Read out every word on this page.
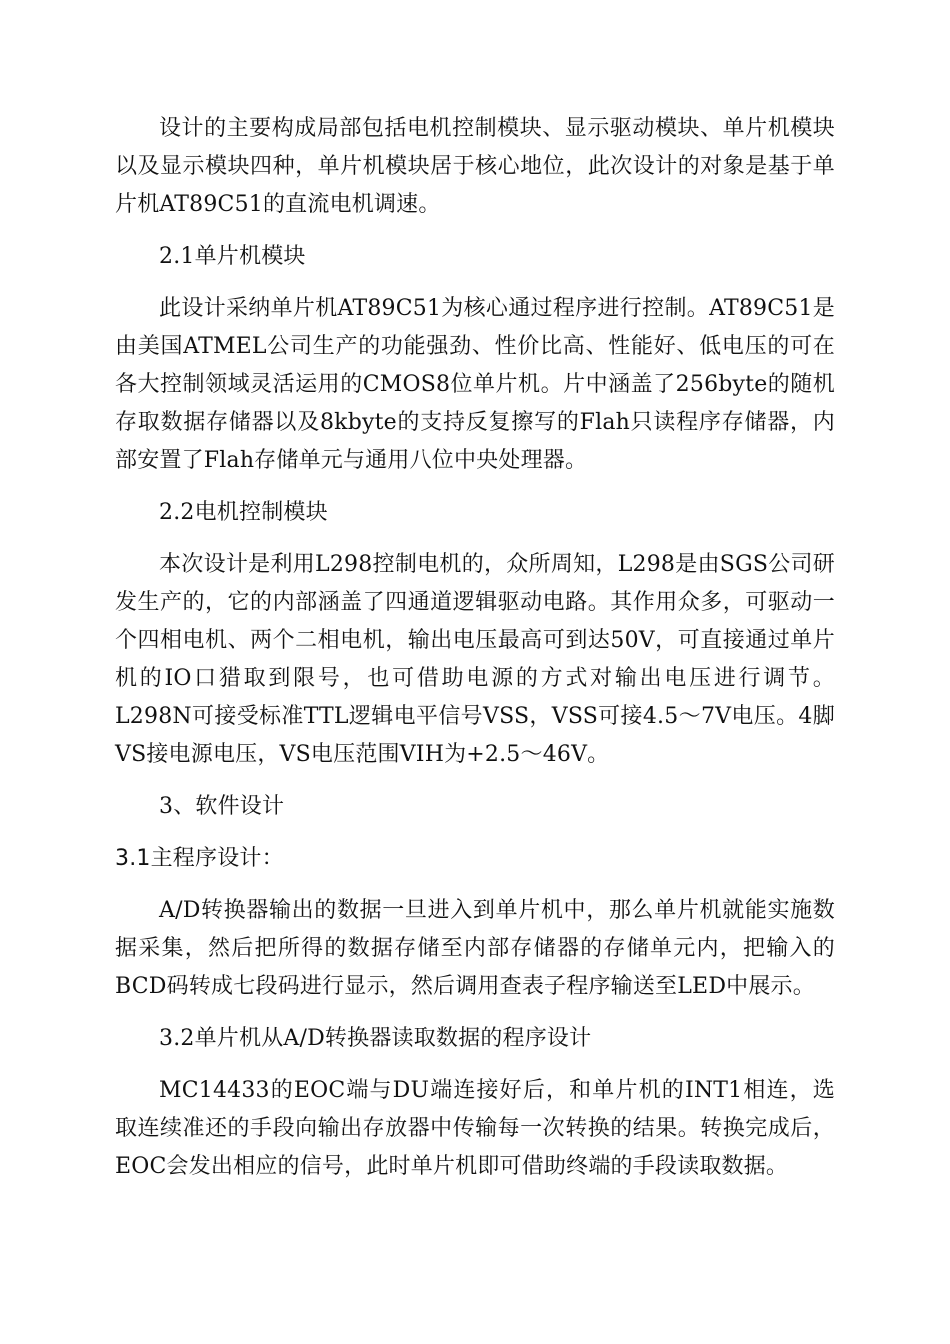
设计的主要构成局部包括电机控制模块、显示驱动模块、单片机模块以及显示模块四种，单片机模块居于核心地位，此次设计的对象是基于单片机AT89C51的直流电机调速。

2.1单片机模块

此设计采纳单片机AT89C51为核心通过程序进行控制。AT89C51是由美国ATMEL公司生产的功能强劲、性价比高、性能好、低电压的可在各大控制领域灵活运用的CMOS8位单片机。片中涵盖了256byte的随机存取数据存储器以及8kbyte的支持反复擦写的Flah只读程序存储器，内部安置了Flah存储单元与通用八位中央处理器。

2.2电机控制模块

本次设计是利用L298控制电机的，众所周知，L298是由SGS公司研发生产的，它的内部涵盖了四通道逻辑驱动电路。其作用众多，可驱动一个四相电机、两个二相电机，输出电压最高可到达50V，可直接通过单片机的IO口猎取到限号，也可借助电源的方式对输出电压进行调节。L298N可接受标准TTL逻辑电平信号VSS，VSS可接4.5～7V电压。4脚VS接电源电压，VS电压范围VIH为+2.5～46V。

3、软件设计

3.1主程序设计：

A/D转换器输出的数据一旦进入到单片机中，那么单片机就能实施数据采集，然后把所得的数据存储至内部存储器的存储单元内，把输入的BCD码转成七段码进行显示，然后调用查表子程序输送至LED中展示。

3.2单片机从A/D转换器读取数据的程序设计

MC14433的EOC端与DU端连接好后，和单片机的INT1相连，选取连续准还的手段向输出存放器中传输每一次转换的结果。转换完成后，EOC会发出相应的信号，此时单片机即可借助终端的手段读取数据。
